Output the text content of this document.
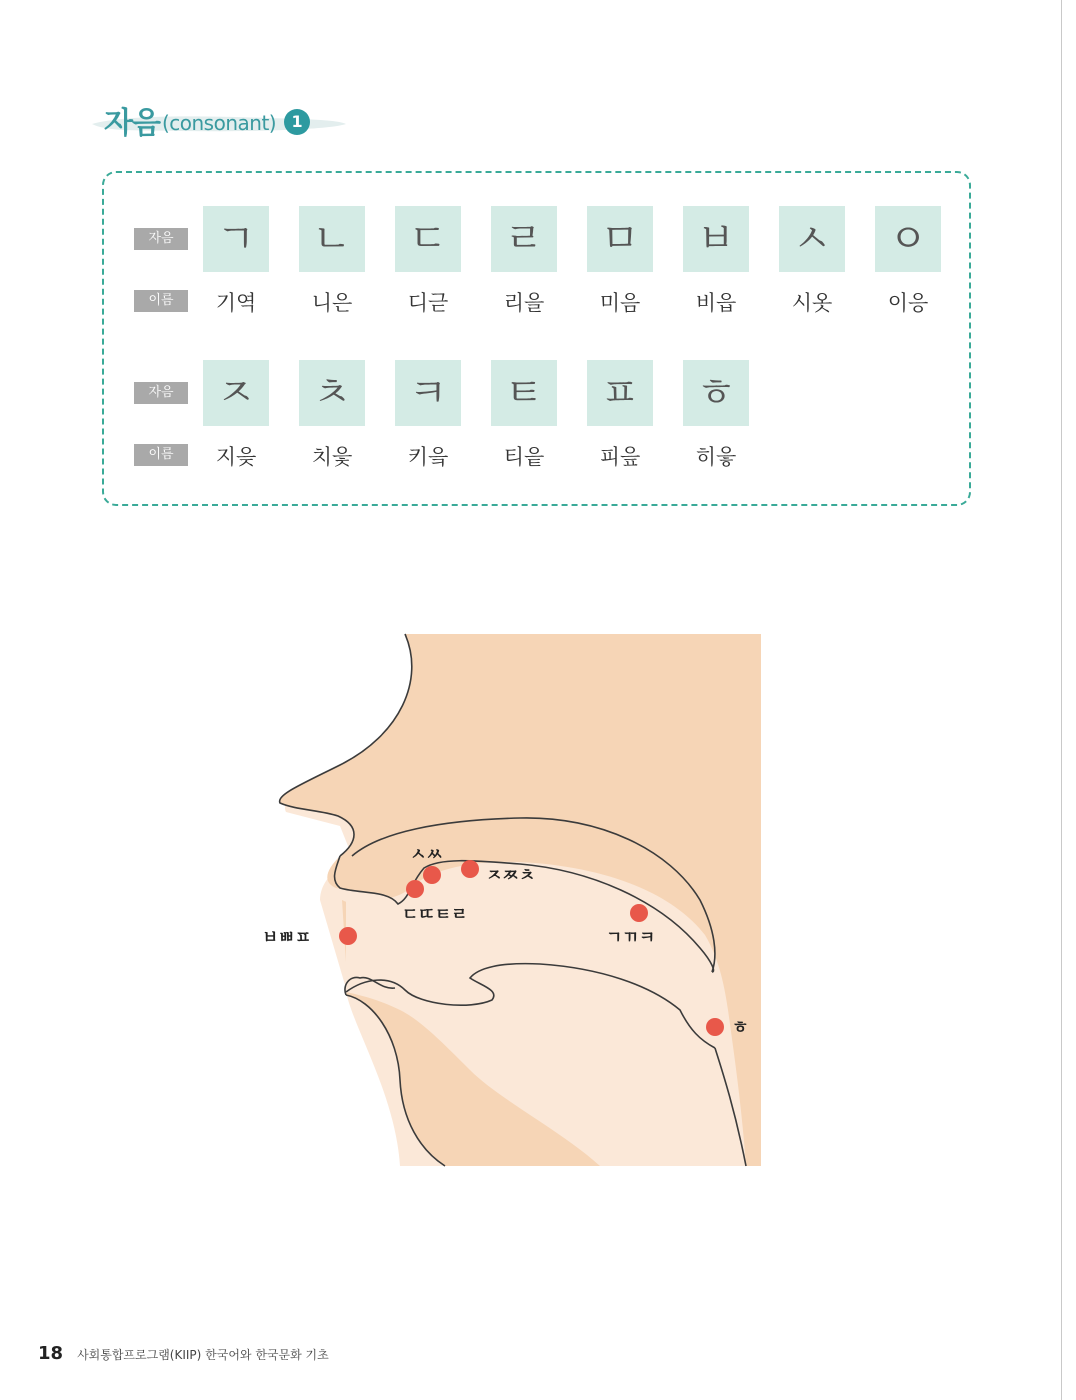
자음 (consonant) 1
자음
이름
ㄱ	ㄴ	ㄷ	ㄹ	ㅁ	ㅂ	ㅅ	ㅇ
기역	니은	디귿	리을	미음	비읍	시옷	이응
자음
이름
ㅈ	ㅊ	ㅋ	ㅌ	ㅍ	ㅎ
지읒	치읓	키읔	티읕	피읖	히읗
ㅂㅃㅍ
ㅅㅆ
ㄷㄸㅌㄹ
ㅈㅉㅊ
ㄱㄲㅋ
ㅎ
18 사회통합프로그램(KIIP) 한국어와 한국문화 기초
